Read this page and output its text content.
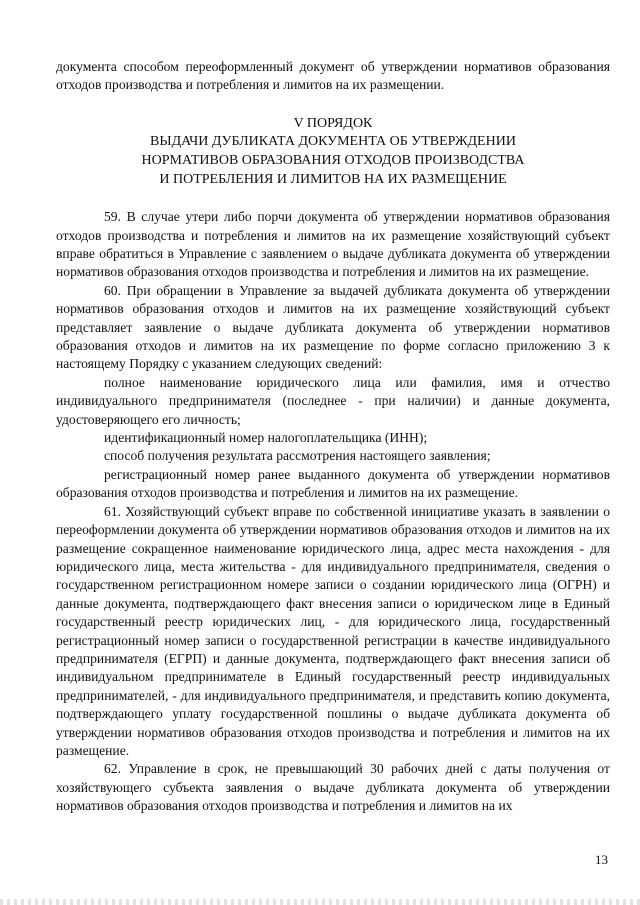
документа способом переоформленный документ об утверждении нормативов образования отходов производства и потребления и лимитов на их размещении.

V ПОРЯДОК
ВЫДАЧИ ДУБЛИКАТА ДОКУМЕНТА ОБ УТВЕРЖДЕНИИ
НОРМАТИВОВ ОБРАЗОВАНИЯ ОТХОДОВ ПРОИЗВОДСТВА
И ПОТРЕБЛЕНИЯ И ЛИМИТОВ НА ИХ РАЗМЕЩЕНИЕ

59. В случае утери либо порчи документа об утверждении нормативов образования отходов производства и потребления и лимитов на их размещение хозяйствующий субъект вправе обратиться в Управление с заявлением о выдаче дубликата документа об утверждении нормативов образования отходов производства и потребления и лимитов на их размещение.

60. При обращении в Управление за выдачей дубликата документа об утверждении нормативов образования отходов и лимитов на их размещение хозяйствующий субъект представляет заявление о выдаче дубликата документа об утверждении нормативов образования отходов и лимитов на их размещение по форме согласно приложению 3 к настоящему Порядку с указанием следующих сведений:

полное наименование юридического лица или фамилия, имя и отчество индивидуального предпринимателя (последнее - при наличии) и данные документа, удостоверяющего его личность;

идентификационный номер налогоплательщика (ИНН);

способ получения результата рассмотрения настоящего заявления;

регистрационный номер ранее выданного документа об утверждении нормативов образования отходов производства и потребления и лимитов на их размещение.

61. Хозяйствующий субъект вправе по собственной инициативе указать в заявлении о переоформлении документа об утверждении нормативов образования отходов и лимитов на их размещение сокращенное наименование юридического лица, адрес места нахождения - для юридического лица, места жительства - для индивидуального предпринимателя, сведения о государственном регистрационном номере записи о создании юридического лица (ОГРН) и данные документа, подтверждающего факт внесения записи о юридическом лице в Единый государственный реестр юридических лиц, - для юридического лица, государственный регистрационный номер записи о государственной регистрации в качестве индивидуального предпринимателя (ЕГРП) и данные документа, подтверждающего факт внесения записи об индивидуальном предпринимателе в Единый государственный реестр индивидуальных предпринимателей, - для индивидуального предпринимателя, и представить копию документа, подтверждающего уплату государственной пошлины о выдаче дубликата документа об утверждении нормативов образования отходов производства и потребления и лимитов на их размещение.

62. Управление в срок, не превышающий 30 рабочих дней с даты получения от хозяйствующего субъекта заявления о выдаче дубликата документа об утверждении нормативов образования отходов производства и потребления и лимитов на их

13
